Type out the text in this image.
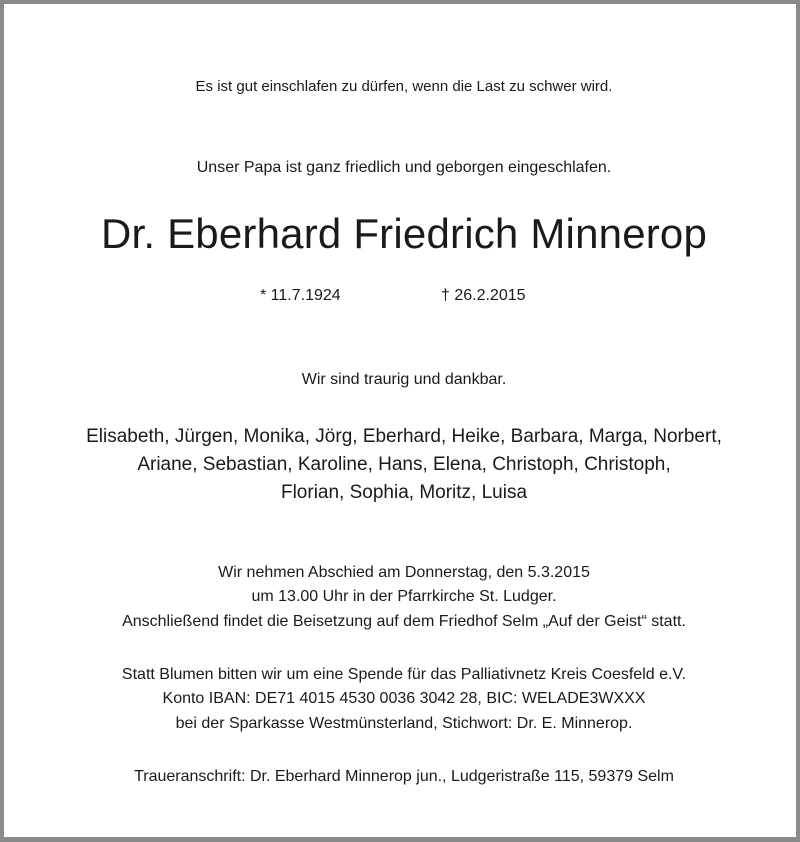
Es ist gut einschlafen zu dürfen, wenn die Last zu schwer wird.
Unser Papa ist ganz friedlich und geborgen eingeschlafen.
Dr. Eberhard Friedrich Minnerop
* 11.7.1924	† 26.2.2015
Wir sind traurig und dankbar.
Elisabeth, Jürgen, Monika, Jörg, Eberhard, Heike, Barbara, Marga, Norbert,
Ariane, Sebastian, Karoline, Hans, Elena, Christoph, Christoph,
Florian, Sophia, Moritz, Luisa
Wir nehmen Abschied am Donnerstag, den 5.3.2015
um 13.00 Uhr in der Pfarrkirche St. Ludger.
Anschließend findet die Beisetzung auf dem Friedhof Selm „Auf der Geist“ statt.
Statt Blumen bitten wir um eine Spende für das Palliativnetz Kreis Coesfeld e.V.
Konto IBAN: DE71 4015 4530 0036 3042 28, BIC: WELADE3WXXX
bei der Sparkasse Westmünsterland, Stichwort: Dr. E. Minnerop.
Traueranschrift: Dr. Eberhard Minnerop jun., Ludgeristraße 115, 59379 Selm
